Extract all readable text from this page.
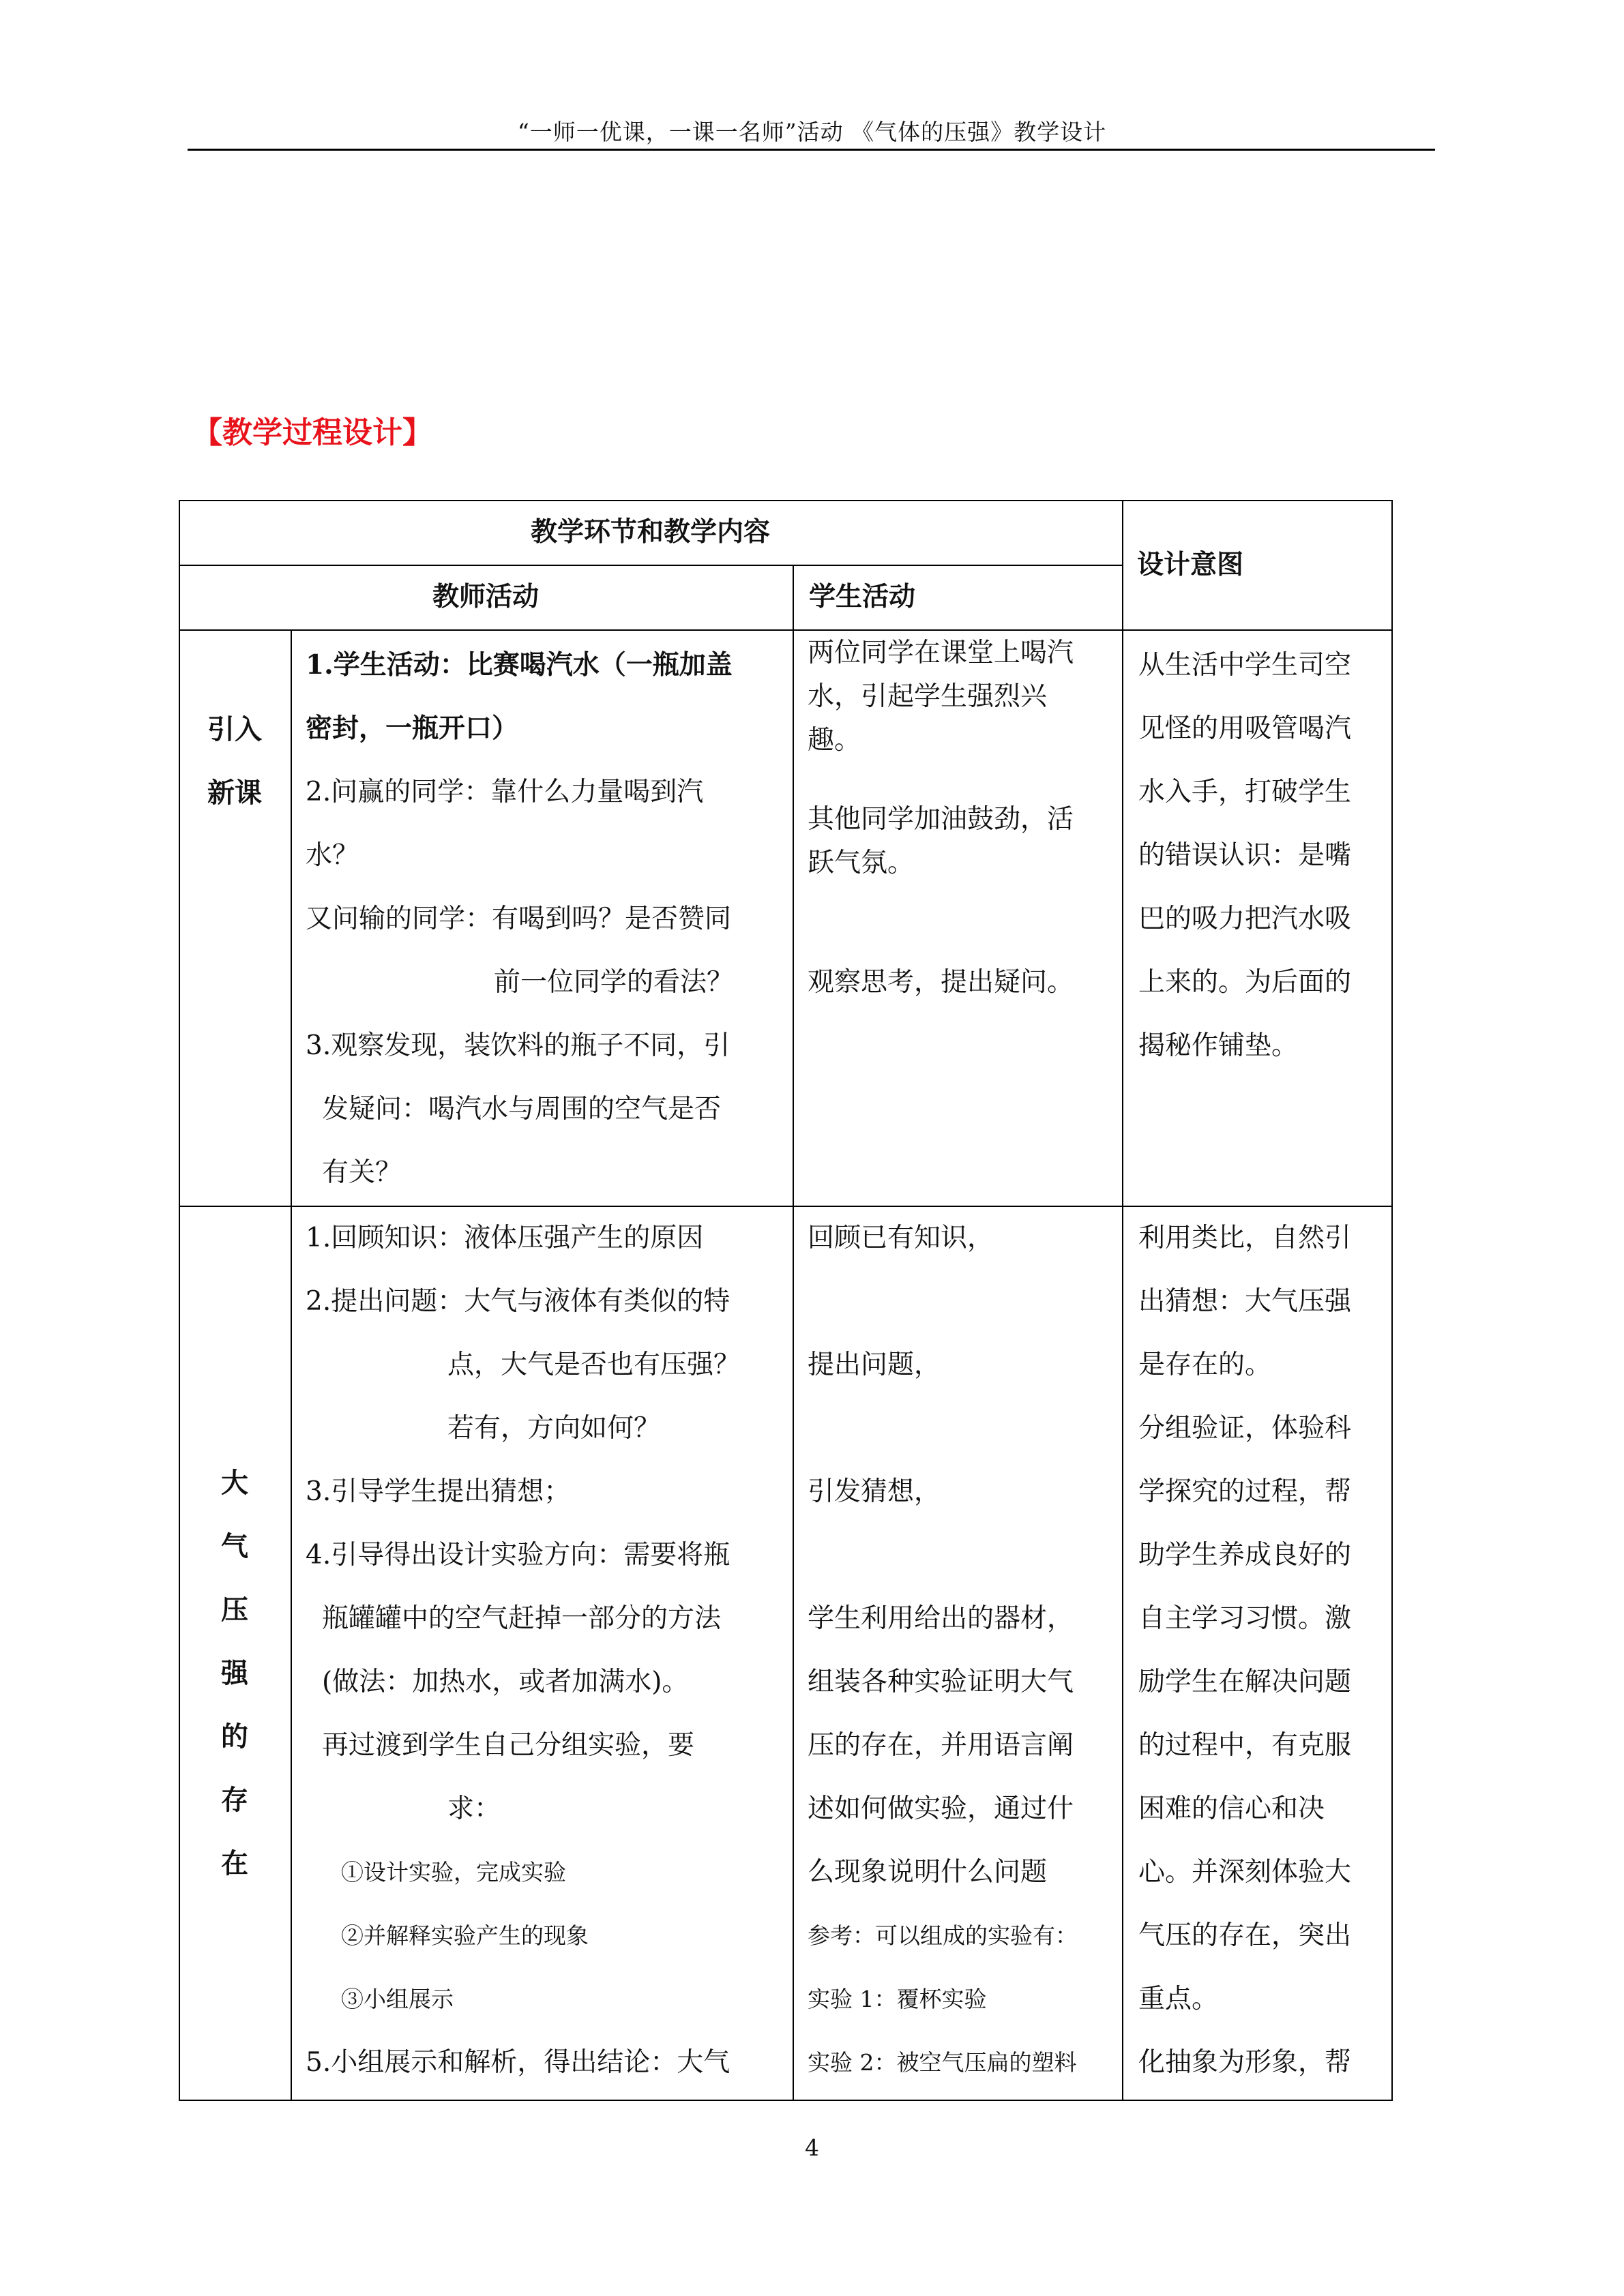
“一师一优课，一课一名师”活动 《气体的压强》教学设计
【教学过程设计】
教学环节和教学内容
教师活动	学生活动
设计意图
引入
新课
1.学生活动：比赛喝汽水（一瓶加盖
密封，一瓶开口）
2.问赢的同学：靠什么力量喝到汽
水？
又问输的同学：有喝到吗？是否赞同
前一位同学的看法？
3.观察发现，装饮料的瓶子不同，引
发疑问：喝汽水与周围的空气是否
有关？
两位同学在课堂上喝汽
水，引起学生强烈兴
趣。
其他同学加油鼓劲，活
跃气氛。
观察思考，提出疑问。
从生活中学生司空
见怪的用吸管喝汽
水入手，打破学生
的错误认识：是嘴
巴的吸力把汽水吸
上来的。为后面的
揭秘作铺垫。
大
气
压
强
的
存
在
1.回顾知识：液体压强产生的原因
2.提出问题：大气与液体有类似的特
点，大气是否也有压强？
若有，方向如何？
3.引导学生提出猜想；
4.引导得出设计实验方向：需要将瓶
瓶罐罐中的空气赶掉一部分的方法
(做法：加热水，或者加满水)。
再过渡到学生自己分组实验，要
求：
①设计实验，完成实验
②并解释实验产生的现象
③小组展示
5.小组展示和解析，得出结论：大气
回顾已有知识，
提出问题，
引发猜想，
学生利用给出的器材，
组装各种实验证明大气
压的存在，并用语言阐
述如何做实验，通过什
么现象说明什么问题
参考：可以组成的实验有：
实验 1：覆杯实验
实验 2：被空气压扁的塑料
利用类比，自然引
出猜想：大气压强
是存在的。
分组验证，体验科
学探究的过程，帮
助学生养成良好的
自主学习习惯。激
励学生在解决问题
的过程中，有克服
困难的信心和决
心。并深刻体验大
气压的存在，突出
重点。
化抽象为形象，帮
4
